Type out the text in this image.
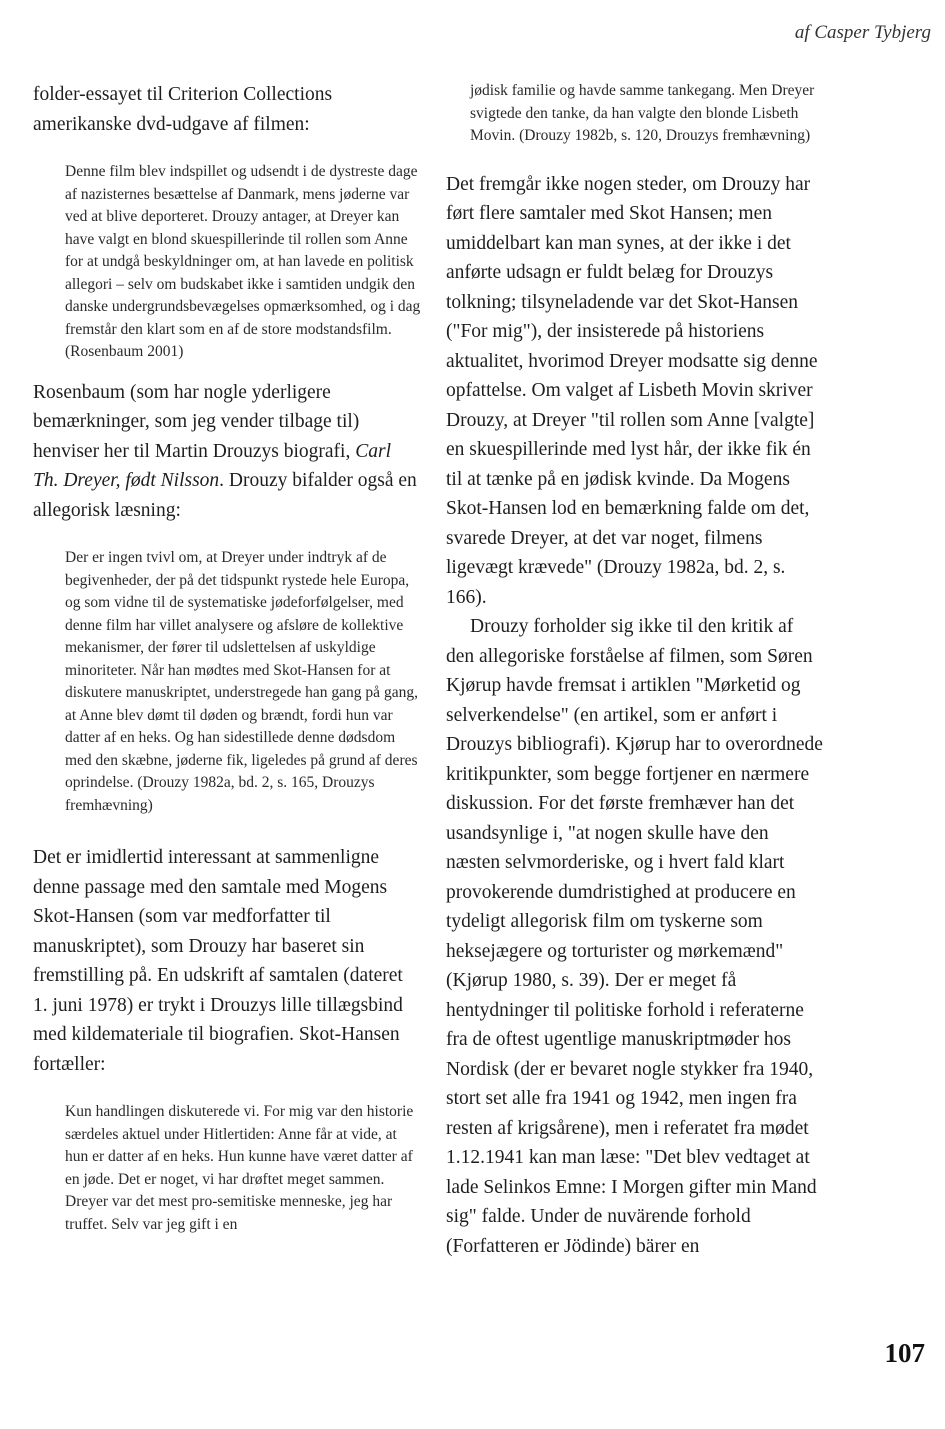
af Casper Tybjerg

folder-essayet til Criterion Collections amerikanske dvd-udgave af filmen:

Denne film blev indspillet og udsendt i de dystreste dage af nazisternes besættelse af Danmark, mens jøderne var ved at blive deporteret. Drouzy antager, at Dreyer kan have valgt en blond skuespillerinde til rollen som Anne for at undgå beskyldninger om, at han lavede en politisk allegori – selv om budskabet ikke i samtiden undgik den danske undergrundsbevægelses opmærksomhed, og i dag fremstår den klart som en af de store modstandsfilm. (Rosenbaum 2001)

Rosenbaum (som har nogle yderligere bemærkninger, som jeg vender tilbage til) henviser her til Martin Drouzys biografi, Carl Th. Dreyer, født Nilsson. Drouzy bifalder også en allegorisk læsning:

Der er ingen tvivl om, at Dreyer under indtryk af de begivenheder, der på det tidspunkt rystede hele Europa, og som vidne til de systematiske jødeforfølgelser, med denne film har villet analysere og afsløre de kollektive mekanismer, der fører til udslettelsen af uskyldige minoriteter. Når han mødtes med Skot-Hansen for at diskutere manuskriptet, understregede han gang på gang, at Anne blev dømt til døden og brændt, fordi hun var datter af en heks. Og han sidestillede denne dødsdom med den skæbne, jøderne fik, ligeledes på grund af deres oprindelse. (Drouzy 1982a, bd. 2, s. 165, Drouzys fremhævning)

Det er imidlertid interessant at sammenligne denne passage med den samtale med Mogens Skot-Hansen (som var medforfatter til manuskriptet), som Drouzy har baseret sin fremstilling på. En udskrift af samtalen (dateret 1. juni 1978) er trykt i Drouzys lille tillægsbind med kildemateriale til biografien. Skot-Hansen fortæller:

Kun handlingen diskuterede vi. For mig var den historie særdeles aktuel under Hitlertiden: Anne får at vide, at hun er datter af en heks. Hun kunne have været datter af en jøde. Det er noget, vi har drøftet meget sammen. Dreyer var det mest pro-semitiske menneske, jeg har truffet. Selv var jeg gift i en

jødisk familie og havde samme tankegang. Men Dreyer svigtede den tanke, da han valgte den blonde Lisbeth Movin. (Drouzy 1982b, s. 120, Drouzys fremhævning)

Det fremgår ikke nogen steder, om Drouzy har ført flere samtaler med Skot Hansen; men umiddelbart kan man synes, at der ikke i det anførte udsagn er fuldt belæg for Drouzys tolkning; tilsyneladende var det Skot-Hansen ("For mig"), der insisterede på historiens aktualitet, hvorimod Dreyer modsatte sig denne opfattelse. Om valget af Lisbeth Movin skriver Drouzy, at Dreyer "til rollen som Anne [valgte] en skuespillerinde med lyst hår, der ikke fik én til at tænke på en jødisk kvinde. Da Mogens Skot-Hansen lod en bemærkning falde om det, svarede Dreyer, at det var noget, filmens ligevægt krævede" (Drouzy 1982a, bd. 2, s. 166).

Drouzy forholder sig ikke til den kritik af den allegoriske forståelse af filmen, som Søren Kjørup havde fremsat i artiklen "Mørketid og selverkendelse" (en artikel, som er anført i Drouzys bibliografi). Kjørup har to overordnede kritikpunkter, som begge fortjener en nærmere diskussion. For det første fremhæver han det usandsynlige i, "at nogen skulle have den næsten selvmorderiske, og i hvert fald klart provokerende dumdristighed at producere en tydeligt allegorisk film om tyskerne som heksejægere og torturister og mørkemænd" (Kjørup 1980, s. 39). Der er meget få hentydninger til politiske forhold i referaterne fra de oftest ugentlige manuskriptmøder hos Nordisk (der er bevaret nogle stykker fra 1940, stort set alle fra 1941 og 1942, men ingen fra resten af krigsårene), men i referatet fra mødet 1.12.1941 kan man læse: "Det blev vedtaget at lade Selinkos Emne: I Morgen gifter min Mand sig" falde. Under de nuvärende forhold (Forfatteren er Jödinde) bärer en

107
